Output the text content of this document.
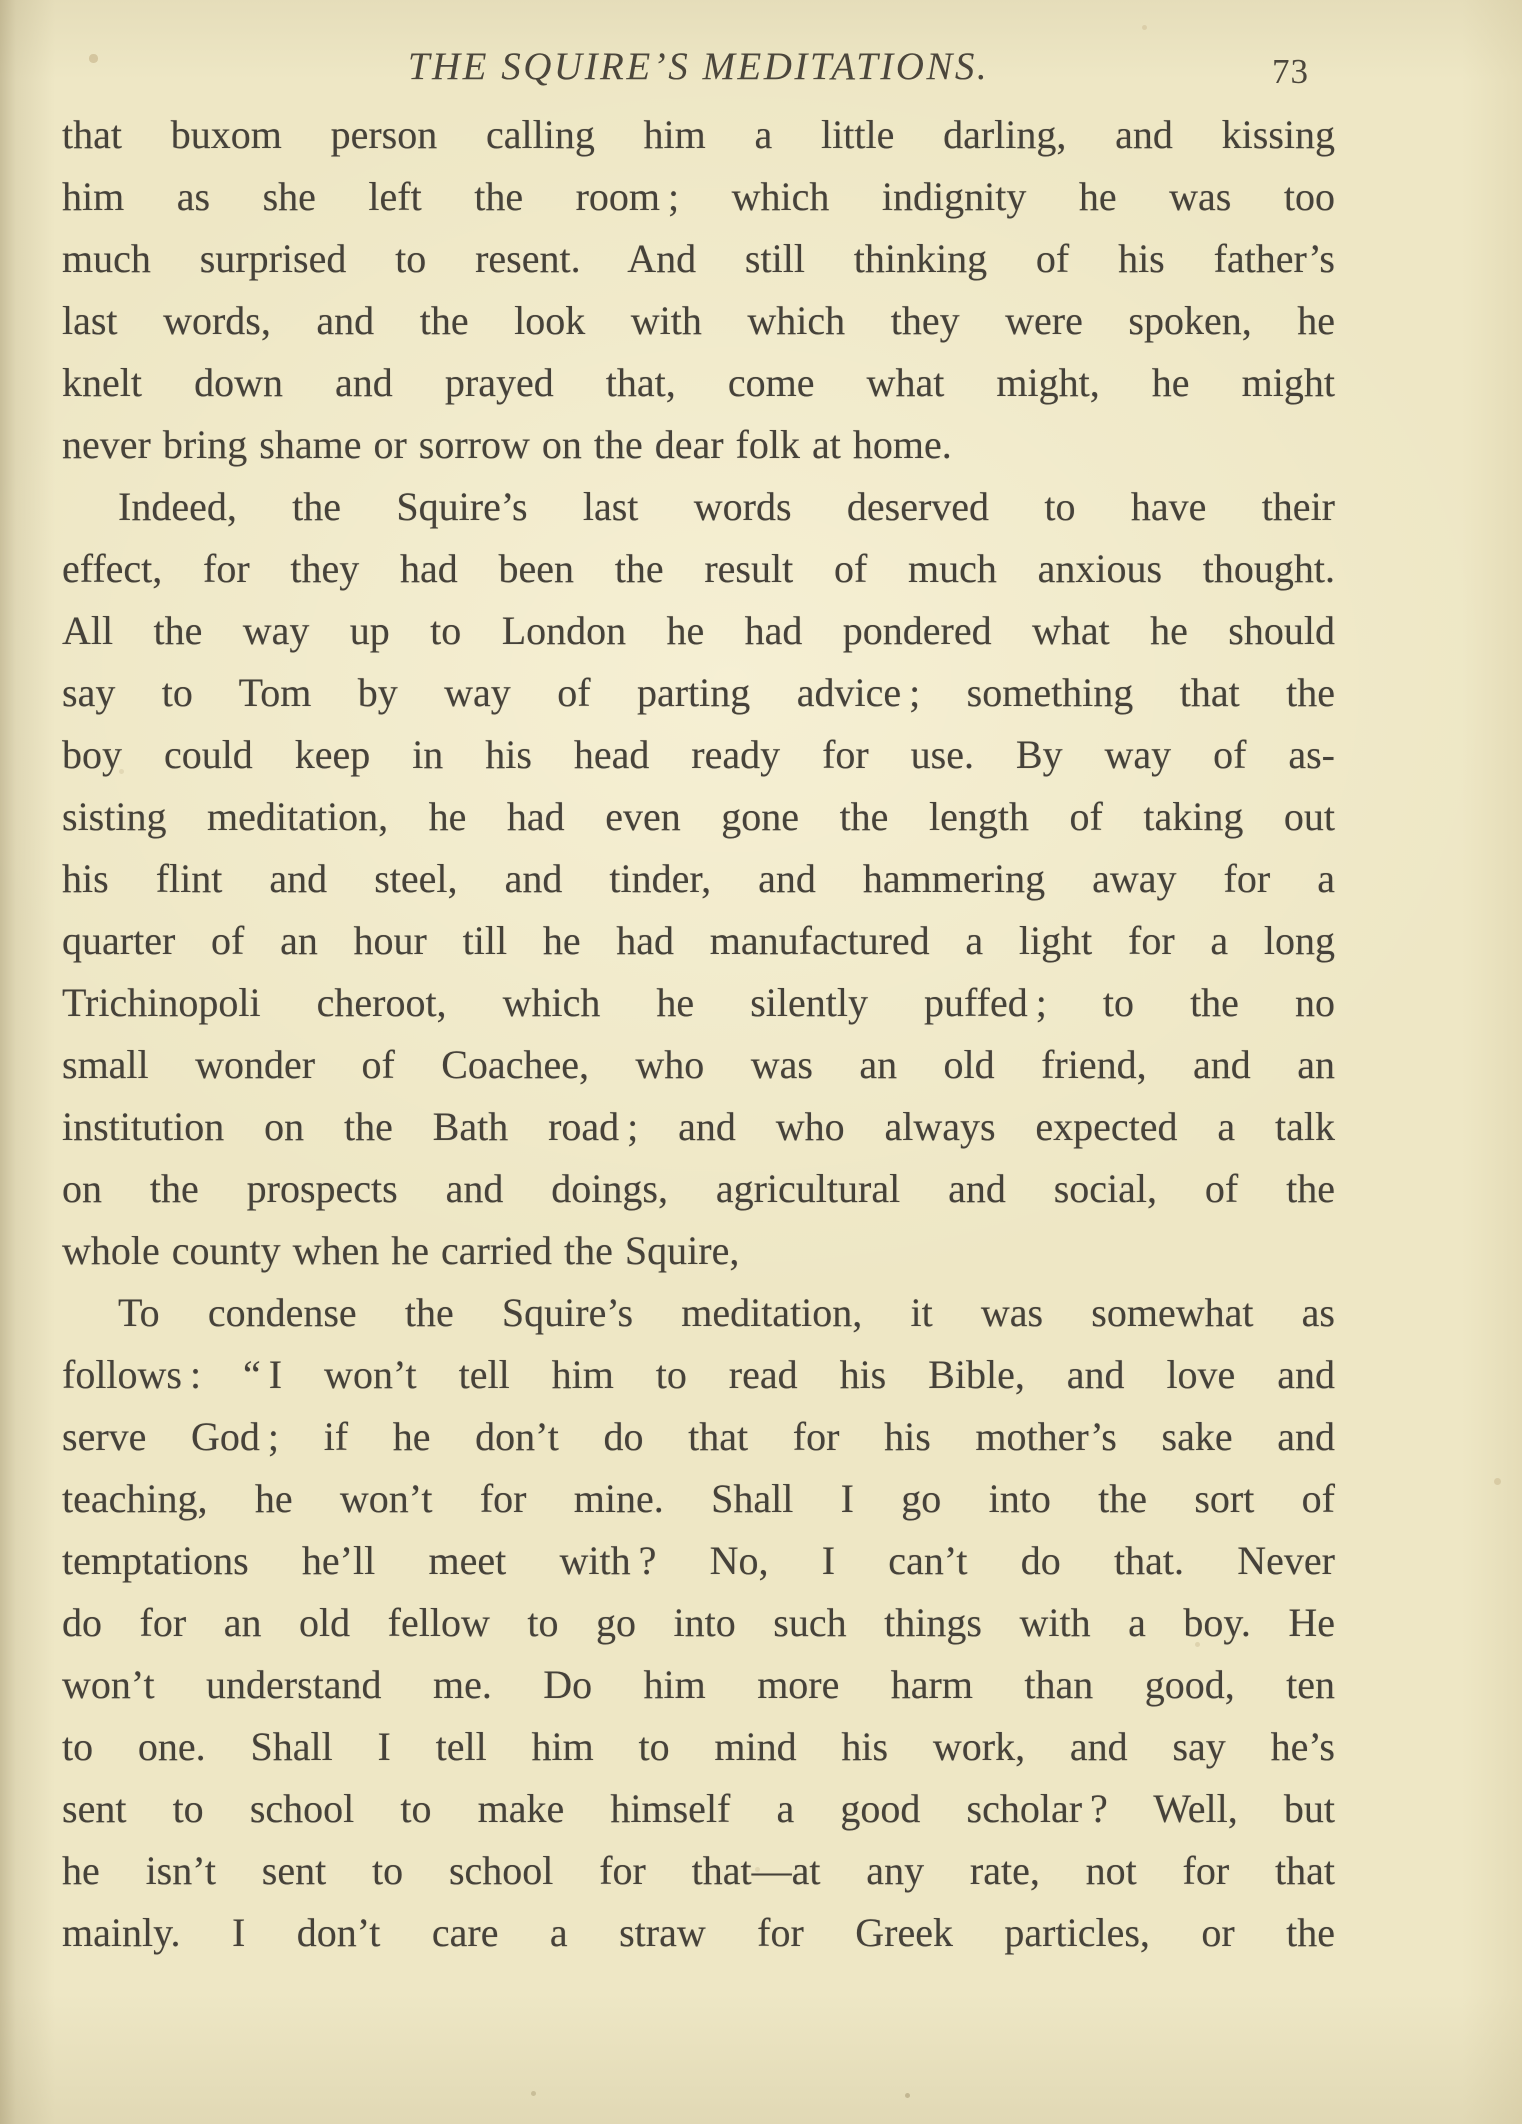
THE SQUIRE’S MEDITATIONS.	73
that buxom person calling him a little darling, and kissing
him as she left the room ; which indignity he was too
much surprised to resent. And still thinking of his father’s
last words, and the look with which they were spoken, he
knelt down and prayed that, come what might, he might
never bring shame or sorrow on the dear folk at home.
Indeed, the Squire’s last words deserved to have their
effect, for they had been the result of much anxious thought.
All the way up to London he had pondered what he should
say to Tom by way of parting advice ; something that the
boy could keep in his head ready for use. By way of as-
sisting meditation, he had even gone the length of taking out
his flint and steel, and tinder, and hammering away for a
quarter of an hour till he had manufactured a light for a long
Trichinopoli cheroot, which he silently puffed ; to the no
small wonder of Coachee, who was an old friend, and an
institution on the Bath road ; and who always expected a talk
on the prospects and doings, agricultural and social, of the
whole county when he carried the Squire,
To condense the Squire’s meditation, it was somewhat as
follows : “ I won’t tell him to read his Bible, and love and
serve God ; if he don’t do that for his mother’s sake and
teaching, he won’t for mine. Shall I go into the sort of
temptations he’ll meet with ? No, I can’t do that. Never
do for an old fellow to go into such things with a boy. He
won’t understand me. Do him more harm than good, ten
to one. Shall I tell him to mind his work, and say he’s
sent to school to make himself a good scholar ? Well, but
he isn’t sent to school for that—at any rate, not for that
mainly. I don’t care a straw for Greek particles, or the
